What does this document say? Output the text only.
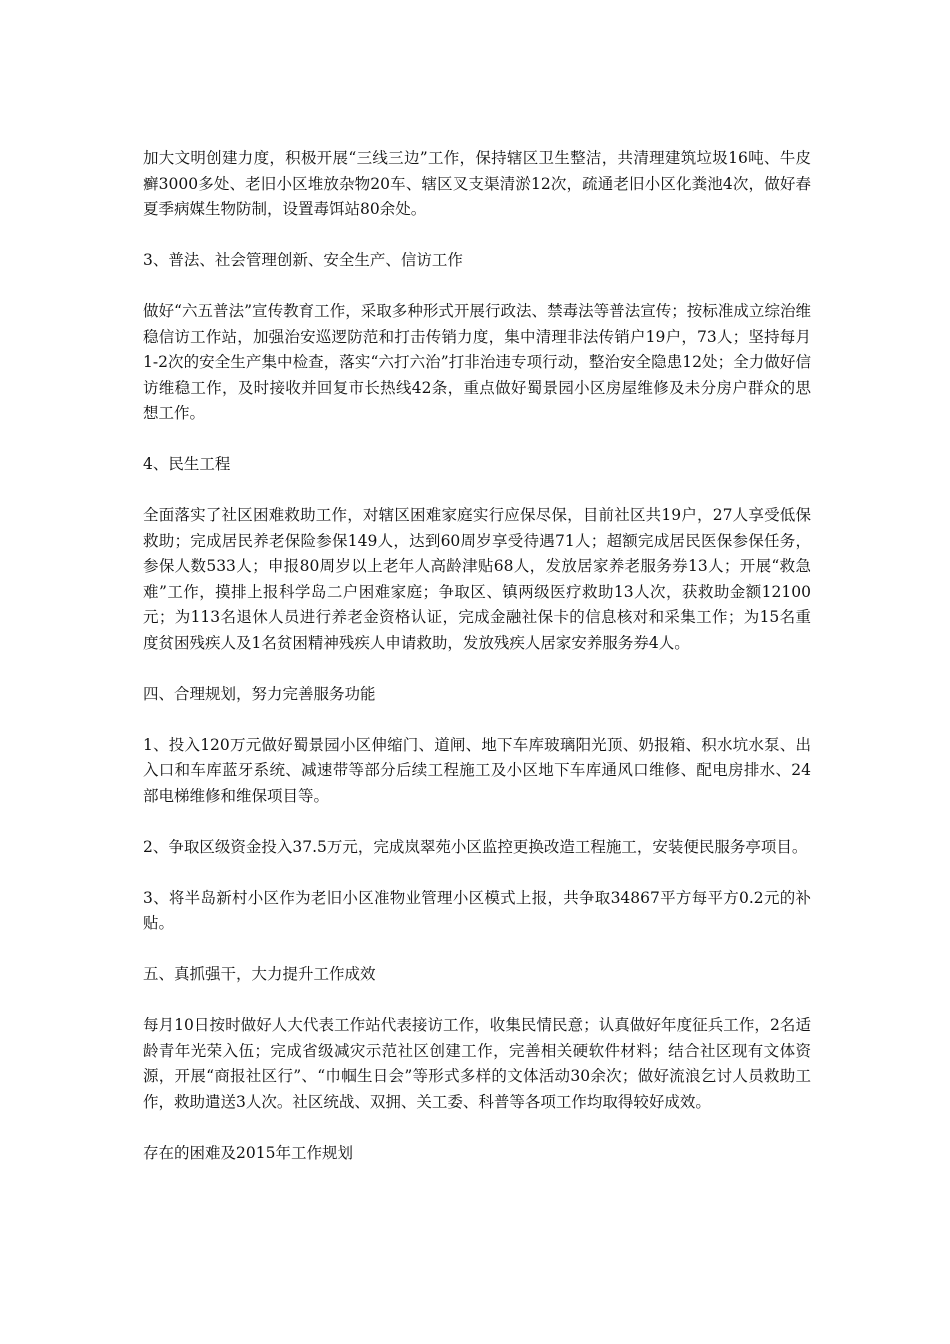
加大文明创建力度，积极开展“三线三边”工作，保持辖区卫生整洁，共清理建筑垃圾16吨、牛皮癣3000多处、老旧小区堆放杂物20车、辖区叉支渠清淤12次，疏通老旧小区化粪池4次，做好春夏季病媒生物防制，设置毒饵站80余处。

3、普法、社会管理创新、安全生产、信访工作

做好“六五普法”宣传教育工作，采取多种形式开展行政法、禁毒法等普法宣传；按标准成立综治维稳信访工作站，加强治安巡逻防范和打击传销力度，集中清理非法传销户19户，73人；坚持每月1-2次的安全生产集中检查，落实“六打六治”打非治违专项行动，整治安全隐患12处；全力做好信访维稳工作，及时接收并回复市长热线42条，重点做好蜀景园小区房屋维修及未分房户群众的思想工作。

4、民生工程

全面落实了社区困难救助工作，对辖区困难家庭实行应保尽保，目前社区共19户，27人享受低保救助；完成居民养老保险参保149人，达到60周岁享受待遇71人；超额完成居民医保参保任务，参保人数533人；申报80周岁以上老年人高龄津贴68人，发放居家养老服务券13人；开展“救急难”工作，摸排上报科学岛二户困难家庭；争取区、镇两级医疗救助13人次，获救助金额12100元；为113名退休人员进行养老金资格认证，完成金融社保卡的信息核对和采集工作；为15名重度贫困残疾人及1名贫困精神残疾人申请救助，发放残疾人居家安养服务券4人。

四、合理规划，努力完善服务功能

1、投入120万元做好蜀景园小区伸缩门、道闸、地下车库玻璃阳光顶、奶报箱、积水坑水泵、出入口和车库蓝牙系统、减速带等部分后续工程施工及小区地下车库通风口维修、配电房排水、24部电梯维修和维保项目等。

2、争取区级资金投入37.5万元，完成岚翠苑小区监控更换改造工程施工，安装便民服务亭项目。

3、将半岛新村小区作为老旧小区准物业管理小区模式上报，共争取34867平方每平方0.2元的补贴。

五、真抓强干，大力提升工作成效

每月10日按时做好人大代表工作站代表接访工作，收集民情民意；认真做好年度征兵工作，2名适龄青年光荣入伍；完成省级减灾示范社区创建工作，完善相关硬软件材料；结合社区现有文体资源，开展“商报社区行”、“巾帼生日会”等形式多样的文体活动30余次；做好流浪乞讨人员救助工作，救助遣送3人次。社区统战、双拥、关工委、科普等各项工作均取得较好成效。

存在的困难及2015年工作规划
